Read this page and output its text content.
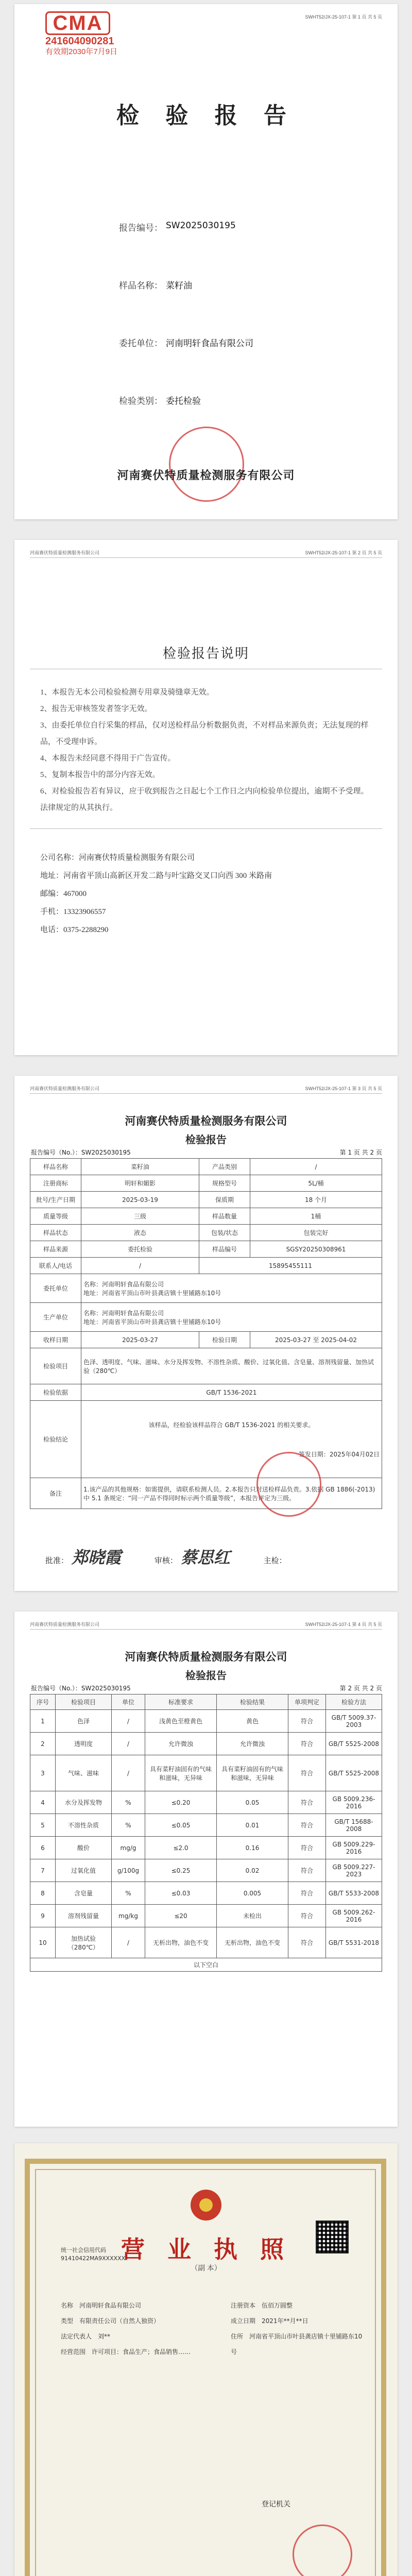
SWHT52/JX-25-107-1 第 1 页 共 5 页
CMA
241604090281
有效期2030年7月9日
检 验 报 告
报告编号： SW2025030195
样品名称： 菜籽油
委托单位： 河南明轩食品有限公司
检验类别： 委托检验
河南赛伏特质量检测服务有限公司
河南赛伏特质量检测服务有限公司	SWHT52/JX-25-107-1 第 2 页 共 5 页
检验报告说明
1、本报告无本公司检验检测专用章及骑缝章无效。
2、报告无审核签发者签字无效。
3、由委托单位自行采集的样品，仅对送检样品分析数据负责，不对样品来源负责；无法复现的样品，不受理申诉。
4、本报告未经同意不得用于广告宣传。
5、复制本报告中的部分内容无效。
6、对检验报告若有异议，应于收到报告之日起七个工作日之内向检验单位提出，逾期不予受理。法律规定的从其执行。
公司名称：河南赛伏特质量检测服务有限公司
地址：河南省平顶山高新区开发二路与叶宝路交叉口向西 300 米路南
邮编：467000
手机：13323906557
电话：0375-2288290
河南赛伏特质量检测服务有限公司	SWHT52/JX-25-107-1 第 3 页 共 5 页
河南赛伏特质量检测服务有限公司
检验报告
报告编号（No.）：SW2025030195	第 1 页 共 2 页
样品名称	菜籽油	产品类别	/
注册商标	明轩和媚影	规格型号	5L/桶
批号/生产日期	2025-03-19	保质期	18 个月
质量等级	三级	样品数量	1桶
样品状态	液态	包装/状态	包装完好
样品来源	委托检验	样品编号	SGSY20250308961
联系人/电话	/	15895455111	
委托单位	名称：河南明轩食品有限公司
地址：河南省平顶山市叶县龚店镇十里铺路东10号		

生产单位	名称：河南明轩食品有限公司
地址：河南省平顶山市叶县龚店镇十里铺路东10号		

收样日期	2025-03-27	检验日期	2025-03-27 至 2025-04-02
检验项目	色泽、透明度、气味、滋味、水分及挥发物、不溶性杂质、酸价、过氧化值、含皂量、溶剂残留量、加热试验（280℃）		
检验依据	GB/T 1536-2021		
检验结论	该样品，经检验该样品符合 GB/T 1536-2021 的相关要求。
签发日期：2025年04月02日		

备注	1.该产品的其他规格：如需提供，请联系检测人员。2.本报告只对送检样品负责。3.依据 GB 1886(-2013)中 5.1 条规定：“同一产品不得同时标示两个质量等级”，本报告评定为三级。		
批准： 郑晓霞	审核： 蔡思红	主检：
河南赛伏特质量检测服务有限公司	SWHT52/JX-25-107-1 第 4 页 共 5 页
河南赛伏特质量检测服务有限公司
检验报告
报告编号（No.）：SW2025030195	第 2 页 共 2 页
序号	检验项目	单位	标准要求	检验结果	单项判定	检验方法
1	色泽	/	浅黄色至橙黄色	黄色	符合	GB/T 5009.37-2003
2	透明度	/	允许微浊	允许微浊	符合	GB/T 5525-2008
3	气味、滋味	/	具有菜籽油固有的气味和滋味，无异味	具有菜籽油固有的气味和滋味，无异味	符合	GB/T 5525-2008
4	水分及挥发物	%	≤0.20	0.05	符合	GB 5009.236-2016
5	不溶性杂质	%	≤0.05	0.01	符合	GB/T 15688-2008
6	酸价	mg/g	≤2.0	0.16	符合	GB 5009.229-2016
7	过氧化值	g/100g	≤0.25	0.02	符合	GB 5009.227-2023
8	含皂量	%	≤0.03	0.005	符合	GB/T 5533-2008
9	溶剂残留量	mg/kg	≤20	未检出	符合	GB 5009.262-2016
10	加热试验（280℃）	/	无析出物，油色不变	无析出物，油色不变	符合	GB/T 5531-2018
以下空白						
统一社会信用代码
91410422MA9XXXXXX
营 业 执 照
（副 本）
名称　 河南明轩食品有限公司
类型　 有限责任公司（自然人独资）
法定代表人　 刘**
经营范围　 许可项目：食品生产；食品销售……
注册资本　 伍佰万圆整
成立日期　 2021年**月**日
住所　 河南省平顶山市叶县龚店镇十里铺路东10号
登记机关
